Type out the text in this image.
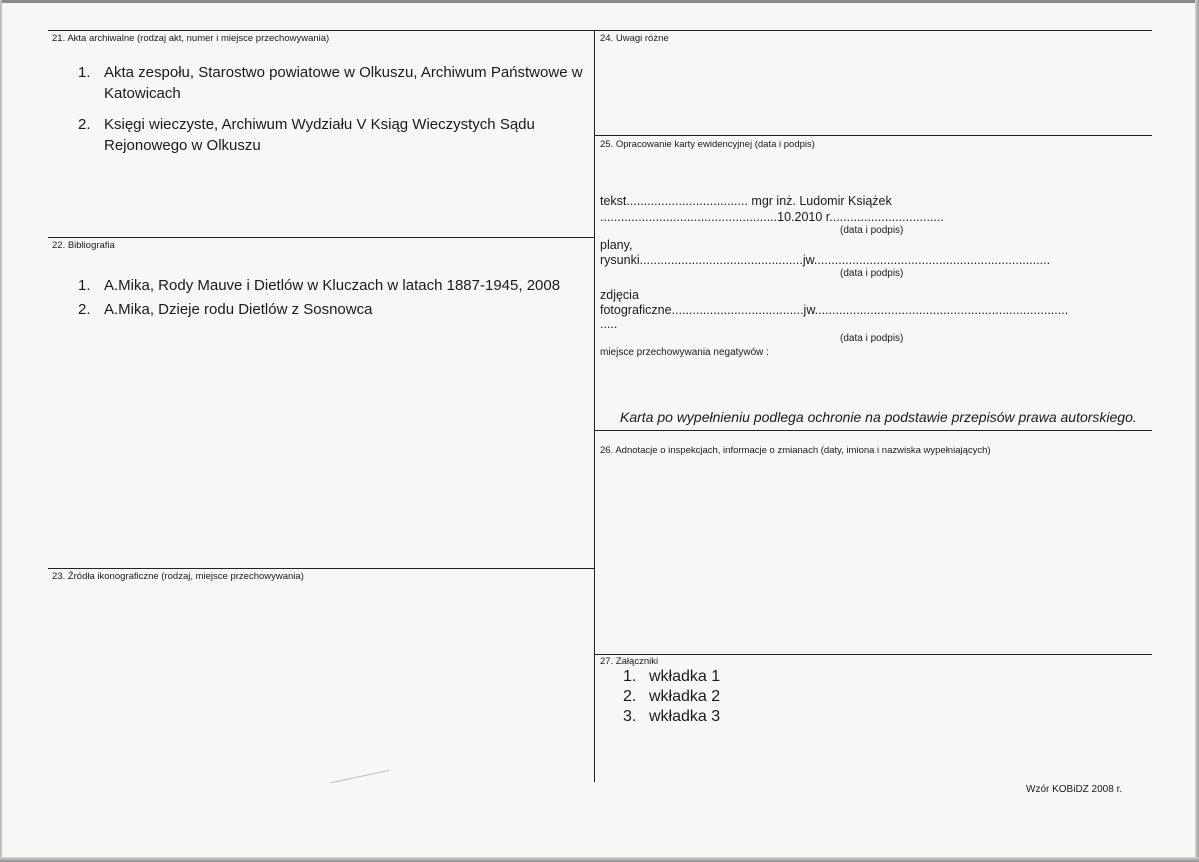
21. Akta archiwalne (rodzaj akt, numer i miejsce przechowywania)
1. Akta zespołu, Starostwo powiatowe w Olkuszu, Archiwum Państwowe w Katowicach
2. Księgi wieczyste, Archiwum Wydziału V Ksiąg Wieczystych Sądu Rejonowego w Olkuszu
22. Bibliografia
1. A.Mika, Rody Mauve i Dietlów w Kluczach w latach 1887-1945, 2008
2. A.Mika, Dzieje rodu Dietlów z Sosnowca
23. Źródła ikonograficzne (rodzaj, miejsce przechowywania)
24. Uwagi różne
25. Opracowanie karty ewidencyjnej (data i podpis)
tekst................................... mgr inż. Ludomir Książek
...................................................10.2010 r.................................
(data i podpis)
plany,
rysunki...............................................jw....................................................................
(data i podpis)
zdjęcia
fotograficzne......................................jw.........................................................................
.....
(data i podpis)
miejsce przechowywania negatywów :
Karta po wypełnieniu podlega ochronie na podstawie przepisów prawa autorskiego.
26. Adnotacje o inspekcjach, informacje o zmianach (daty, imiona i nazwiska wypełniających)
27. Załączniki
1. wkładka 1
2. wkładka 2
3. wkładka 3
Wzór KOBiDZ 2008 r.
